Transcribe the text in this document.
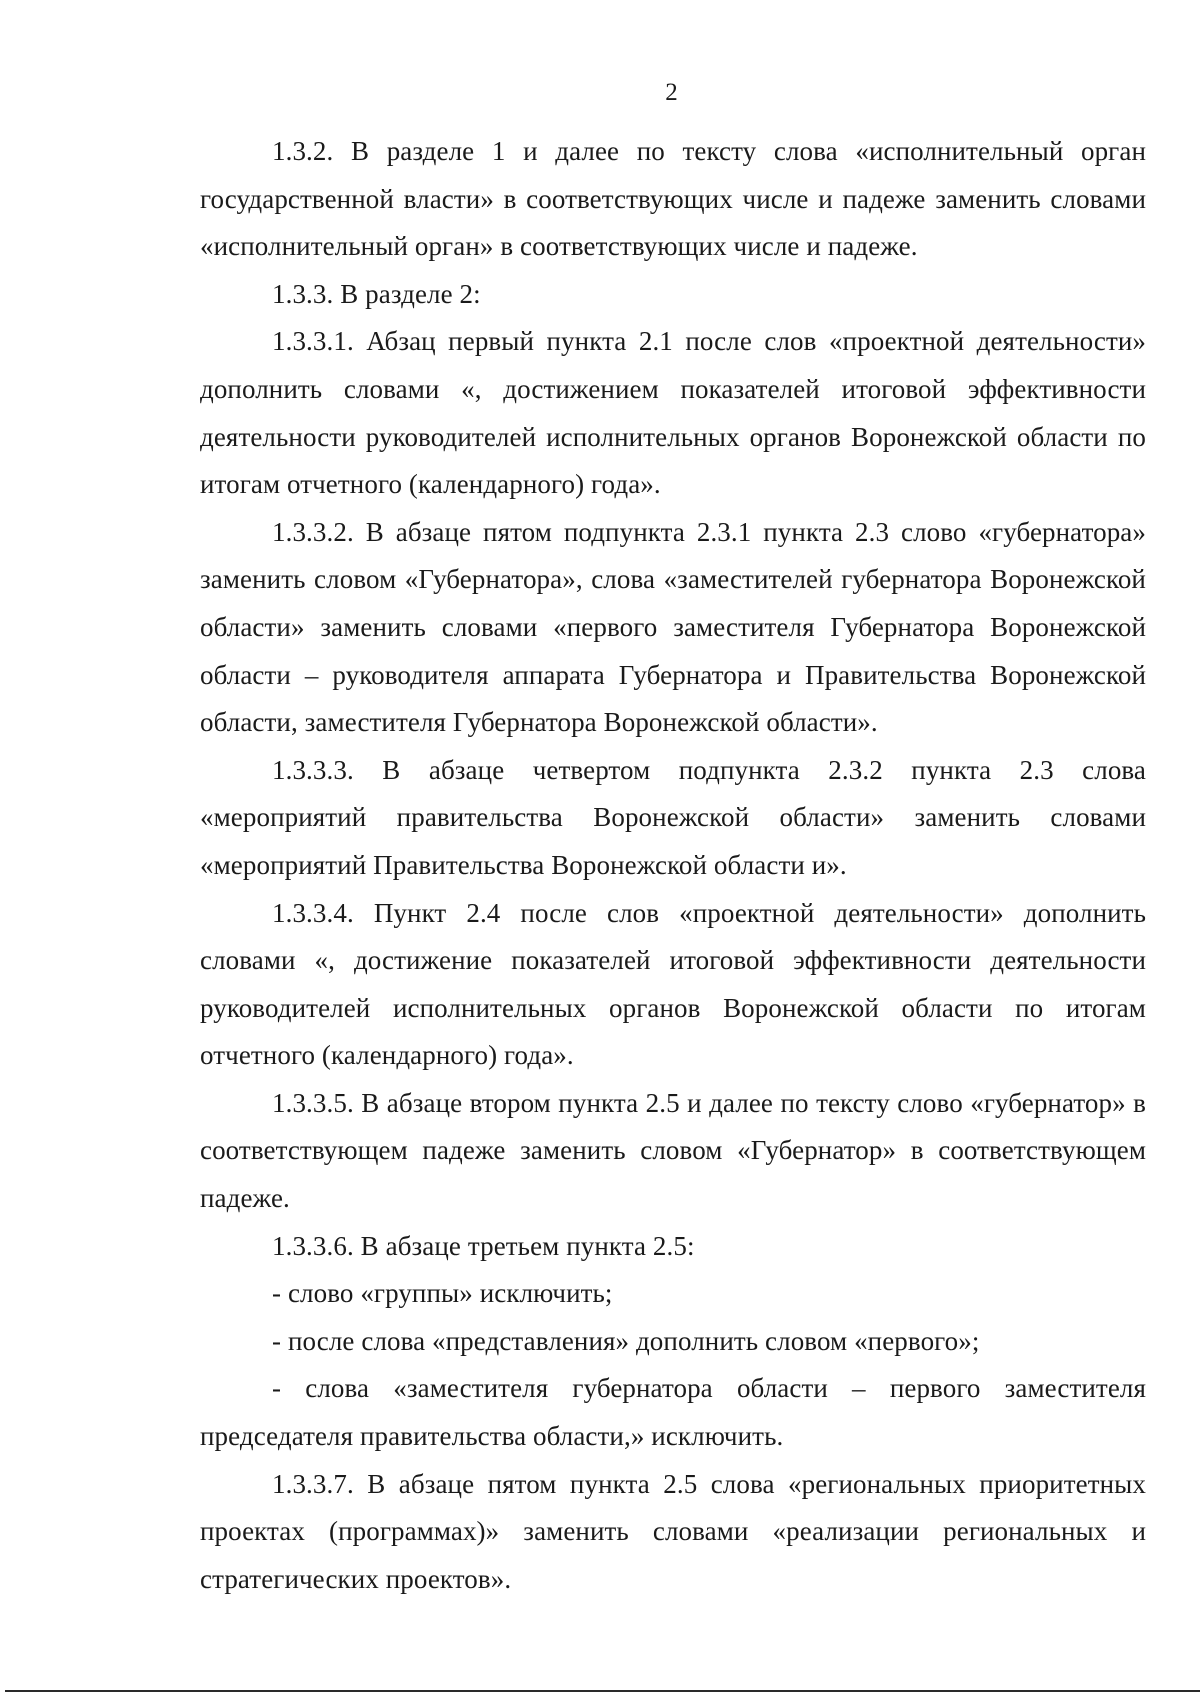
2

1.3.2. В разделе 1 и далее по тексту слова «исполнительный орган государственной власти» в соответствующих числе и падеже заменить словами «исполнительный орган» в соответствующих числе и падеже.

1.3.3. В разделе 2:

1.3.3.1. Абзац первый пункта 2.1 после слов «проектной деятельности» дополнить словами «, достижением показателей итоговой эффективности деятельности руководителей исполнительных органов Воронежской области по итогам отчетного (календарного) года».

1.3.3.2. В абзаце пятом подпункта 2.3.1 пункта 2.3 слово «губернатора» заменить словом «Губернатора», слова «заместителей губернатора Воронежской области» заменить словами «первого заместителя Губернатора Воронежской области – руководителя аппарата Губернатора и Правительства Воронежской области, заместителя Губернатора Воронежской области».

1.3.3.3. В абзаце четвертом подпункта 2.3.2 пункта 2.3 слова «мероприятий правительства Воронежской области» заменить словами «мероприятий Правительства Воронежской области и».

1.3.3.4. Пункт 2.4 после слов «проектной деятельности» дополнить словами «, достижение показателей итоговой эффективности деятельности руководителей исполнительных органов Воронежской области по итогам отчетного (календарного) года».

1.3.3.5. В абзаце втором пункта 2.5 и далее по тексту слово «губернатор» в соответствующем падеже заменить словом «Губернатор» в соответствующем падеже.

1.3.3.6. В абзаце третьем пункта 2.5:

- слово «группы» исключить;

- после слова «представления» дополнить словом «первого»;

- слова «заместителя губернатора области – первого заместителя председателя правительства области,» исключить.

1.3.3.7. В абзаце пятом пункта 2.5 слова «региональных приоритетных проектах (программах)» заменить словами «реализации региональных и стратегических проектов».
